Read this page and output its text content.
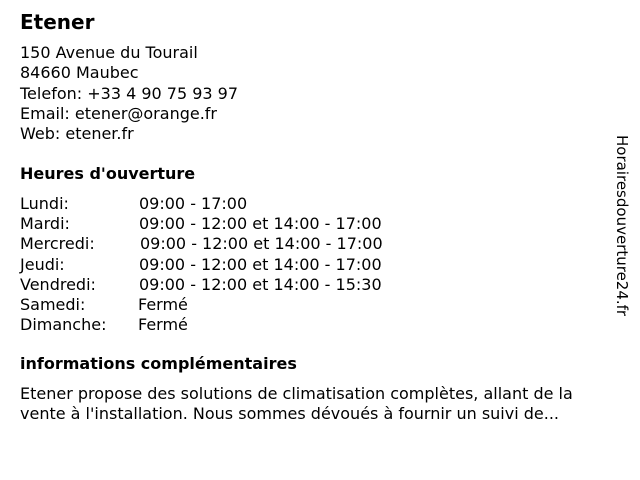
Etener
150 Avenue du Tourail
84660 Maubec
Telefon: +33 4 90 75 93 97
Email: etener@orange.fr
Web: etener.fr
Heures d'ouverture
Lundi:	09:00 - 17:00
Mardi:	09:00 - 12:00 et 14:00 - 17:00
Mercredi:	09:00 - 12:00 et 14:00 - 17:00
Jeudi:	09:00 - 12:00 et 14:00 - 17:00
Vendredi:	09:00 - 12:00 et 14:00 - 15:30
Samedi:	Fermé
Dimanche: Fermé
informations complémentaires

Etener propose des solutions de climatisation complètes, allant de la vente à l'installation. Nous sommes dévoués à fournir un suivi de...

Horairesdouverture24.fr
